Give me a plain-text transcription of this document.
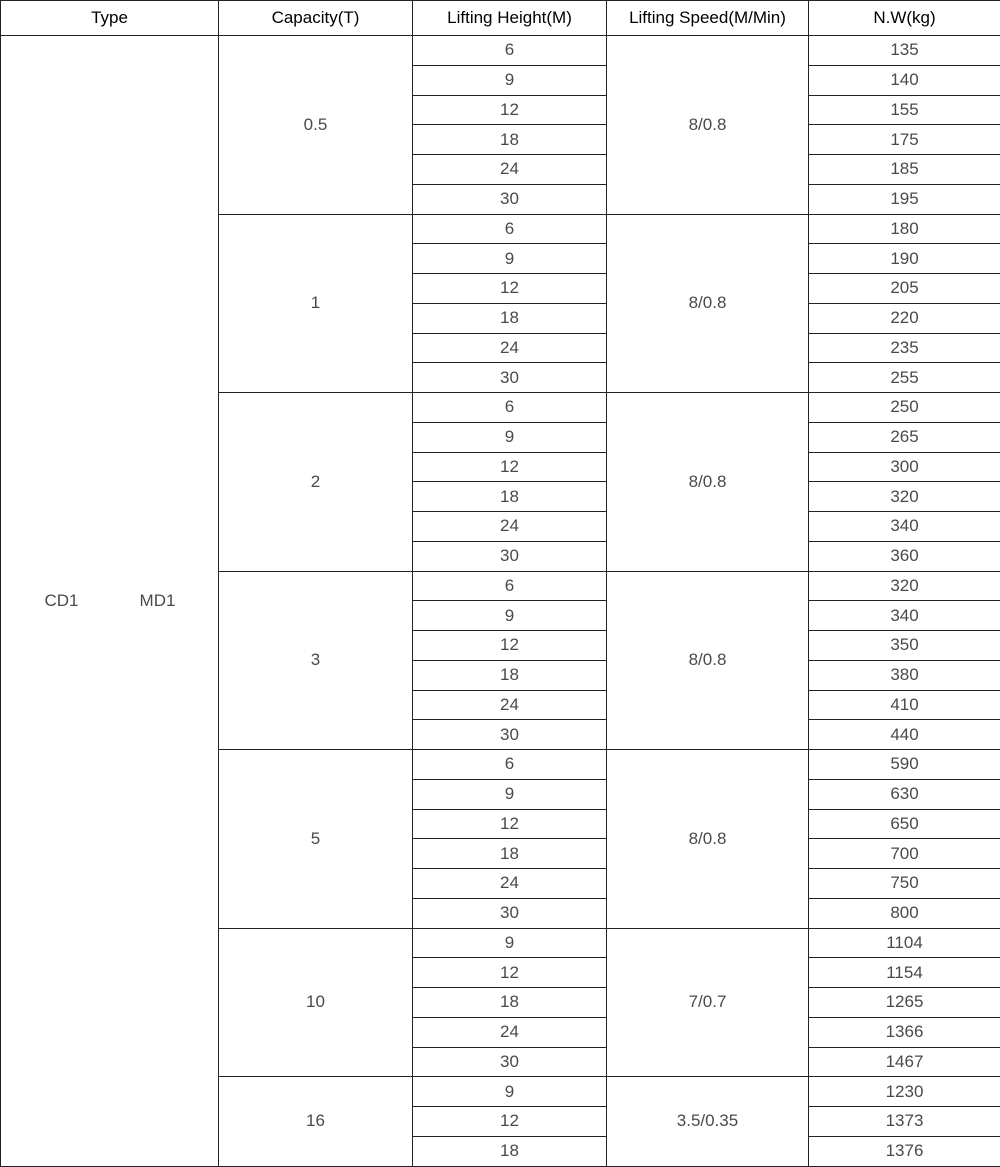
Type	Capacity(T)	Lifting Height(M)	Lifting Speed(M/Min)	N.W(kg)
CD1 MD1	0.5	6	8/0.8	135
		9		140
		12		155
		18		175
		24		185
		30		195
	1	6	8/0.8	180
		9		190
		12		205
		18		220
		24		235
		30		255
	2	6	8/0.8	250
		9		265
		12		300
		18		320
		24		340
		30		360
	3	6	8/0.8	320
		9		340
		12		350
		18		380
		24		410
		30		440
	5	6	8/0.8	590
		9		630
		12		650
		18		700
		24		750
		30		800
	10	9	7/0.7	1104
		12		1154
		18		1265
		24		1366
		30		1467
	16	9	3.5/0.35	1230
		12		1373
		18		1376
